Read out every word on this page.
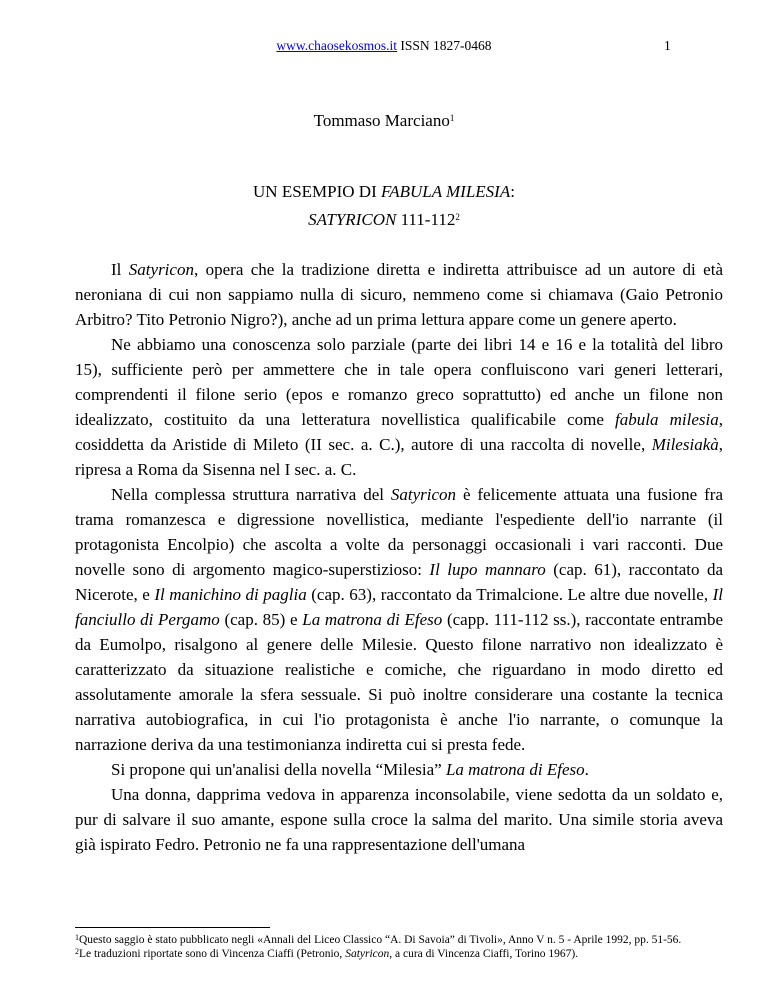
www.chaosekosmos.it ISSN 1827-0468	1
Tommaso Marciano$^1$
UN ESEMPIO DI FABULA MILESIA:
SATYRICON $111-112^2$

Il Satyricon, opera che la tradizione diretta e indiretta attribuisce ad un autore di età neroniana di cui non sappiamo nulla di sicuro, nemmeno come si chiamava (Gaio Petronio Arbitro? Tito Petronio Nigro?), anche ad un prima lettura appare come un genere aperto.

Ne abbiamo una conoscenza solo parziale (parte dei libri 14 e 16 e la totalità del libro 15), sufficiente però per ammettere che in tale opera confluiscono vari generi letterari, comprendenti il filone serio (epos e romanzo greco soprattutto) ed anche un filone non idealizzato, costituito da una letteratura novellistica qualificabile come fabula milesia, cosiddetta da Aristide di Mileto (II sec. a. C.), autore di una raccolta di novelle, Milesiakà, ripresa a Roma da Sisenna nel I sec. a. C.

Nella complessa struttura narrativa del Satyricon è felicemente attuata una fusione fra trama romanzesca e digressione novellistica, mediante l'espediente dell'io narrante (il protagonista Encolpio) che ascolta a volte da personaggi occasionali i vari racconti. Due novelle sono di argomento magico-superstizioso: Il lupo mannaro (cap. 61), raccontato da Nicerote, e Il manichino di paglia (cap. 63), raccontato da Trimalcione. Le altre due novelle, Il fanciullo di Pergamo (cap. 85) e La matrona di Efeso (capp. 111-112 ss.), raccontate entrambe da Eumolpo, risalgono al genere delle Milesie. Questo filone narrativo non idealizzato è caratterizzato da situazione realistiche e comiche, che riguardano in modo diretto ed assolutamente amorale la sfera sessuale. Si può inoltre considerare una costante la tecnica narrativa autobiografica, in cui l'io protagonista è anche l'io narrante, o comunque la narrazione deriva da una testimonianza indiretta cui si presta fede.

Si propone qui un'analisi della novella “Milesia” La matrona di Efeso.

Una donna, dapprima vedova in apparenza inconsolabile, viene sedotta da un soldato e, pur di salvare il suo amante, espone sulla croce la salma del marito. Una simile storia aveva già ispirato Fedro. Petronio ne fa una rappresentazione dell'umana

$^1$Questo saggio è stato pubblicato negli «Annali del Liceo Classico “A. Di Savoia” di Tivoli», Anno V n. 5 - Aprile 1992, pp. 51-56.

$^2$Le traduzioni riportate sono di Vincenza Ciaffi (Petronio, Satyricon, a cura di Vincenza Ciaffi, Torino 1967).
